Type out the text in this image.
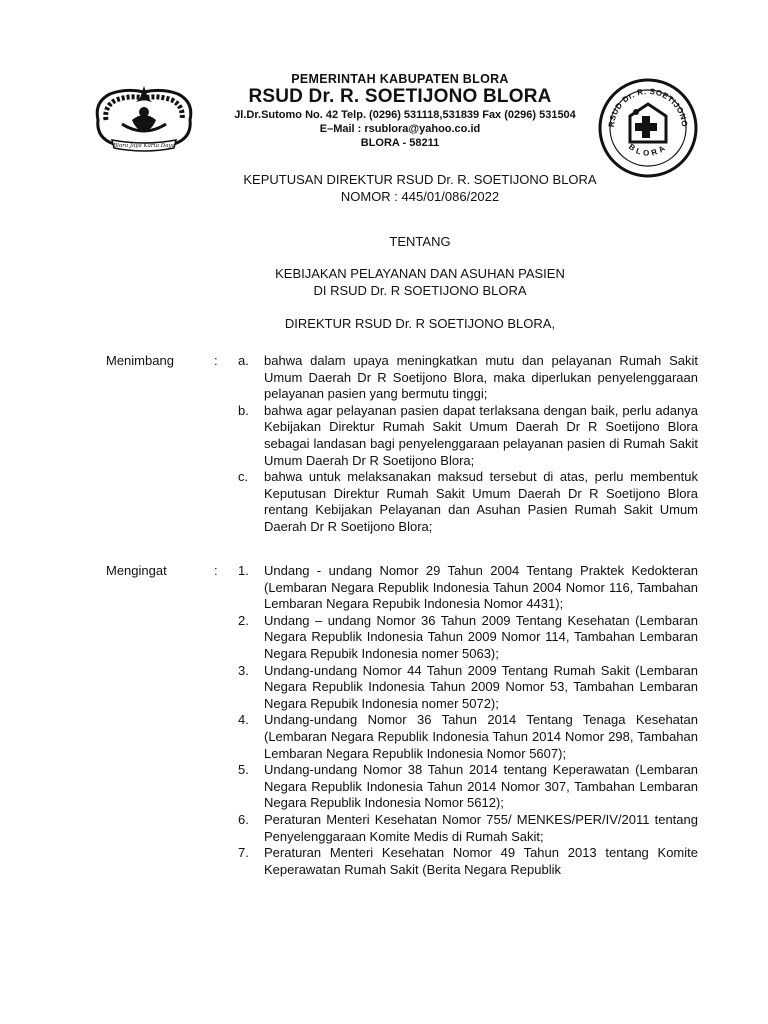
Blora Jaya Karta Daya
PEMERINTAH KABUPATEN BLORA
RSUD Dr. R. SOETIJONO BLORA
Jl.Dr.Sutomo No. 42 Telp. (0296) 531118,531839 Fax (0296) 531504
E–Mail : rsublora@yahoo.co.id
BLORA - 58211
RSUD Dr. R. SOETIJONO
BLORA
KEPUTUSAN DIREKTUR RSUD Dr. R. SOETIJONO BLORA
NOMOR : 445/01/086/2022
TENTANG
KEBIJAKAN PELAYANAN DAN ASUHAN PASIEN
DI RSUD Dr. R SOETIJONO BLORA
DIREKTUR RSUD Dr. R SOETIJONO BLORA,
Menimbang	: a.	bahwa dalam upaya meningkatkan mutu dan pelayanan Rumah Sakit Umum Daerah Dr R Soetijono Blora, maka diperlukan penyelenggaraan pelayanan pasien yang bermutu tinggi;

b.	bahwa agar pelayanan pasien dapat terlaksana dengan baik, perlu adanya Kebijakan Direktur Rumah Sakit Umum Daerah Dr R Soetijono Blora sebagai landasan bagi penyelenggaraan pelayanan pasien di Rumah Sakit Umum Daerah Dr R Soetijono Blora;

c.	bahwa untuk melaksanakan maksud tersebut di atas, perlu membentuk Keputusan Direktur Rumah Sakit Umum Daerah Dr R Soetijono Blora rentang Kebijakan Pelayanan dan Asuhan Pasien Rumah Sakit Umum Daerah Dr R Soetijono Blora;

Mengingat	: 1.	Undang - undang Nomor 29 Tahun 2004 Tentang Praktek Kedokteran (Lembaran Negara Republik Indonesia Tahun 2004 Nomor 116, Tambahan Lembaran Negara Repubik Indonesia Nomor 4431);

2.	Undang – undang Nomor 36 Tahun 2009 Tentang Kesehatan (Lembaran Negara Republik Indonesia Tahun 2009 Nomor 114, Tambahan Lembaran Negara Repubik Indonesia nomer 5063);

3.	Undang-undang Nomor 44 Tahun 2009 Tentang Rumah Sakit (Lembaran Negara Republik Indonesia Tahun 2009 Nomor 53, Tambahan Lembaran Negara Repubik Indonesia nomer 5072);

4.	Undang-undang Nomor 36 Tahun 2014 Tentang Tenaga Kesehatan (Lembaran Negara Republik Indonesia Tahun 2014 Nomor 298, Tambahan Lembaran Negara Republik Indonesia Nomor 5607);

5.	Undang-undang Nomor 38 Tahun 2014 tentang Keperawatan (Lembaran Negara Republik Indonesia Tahun 2014 Nomor 307, Tambahan Lembaran Negara Republik Indonesia Nomor 5612);

6.	Peraturan Menteri Kesehatan Nomor 755/ MENKES/PER/IV/2011 tentang Penyelenggaraan Komite Medis di Rumah Sakit;

7.	Peraturan Menteri Kesehatan Nomor 49 Tahun 2013 tentang Komite Keperawatan Rumah Sakit (Berita Negara Republik
